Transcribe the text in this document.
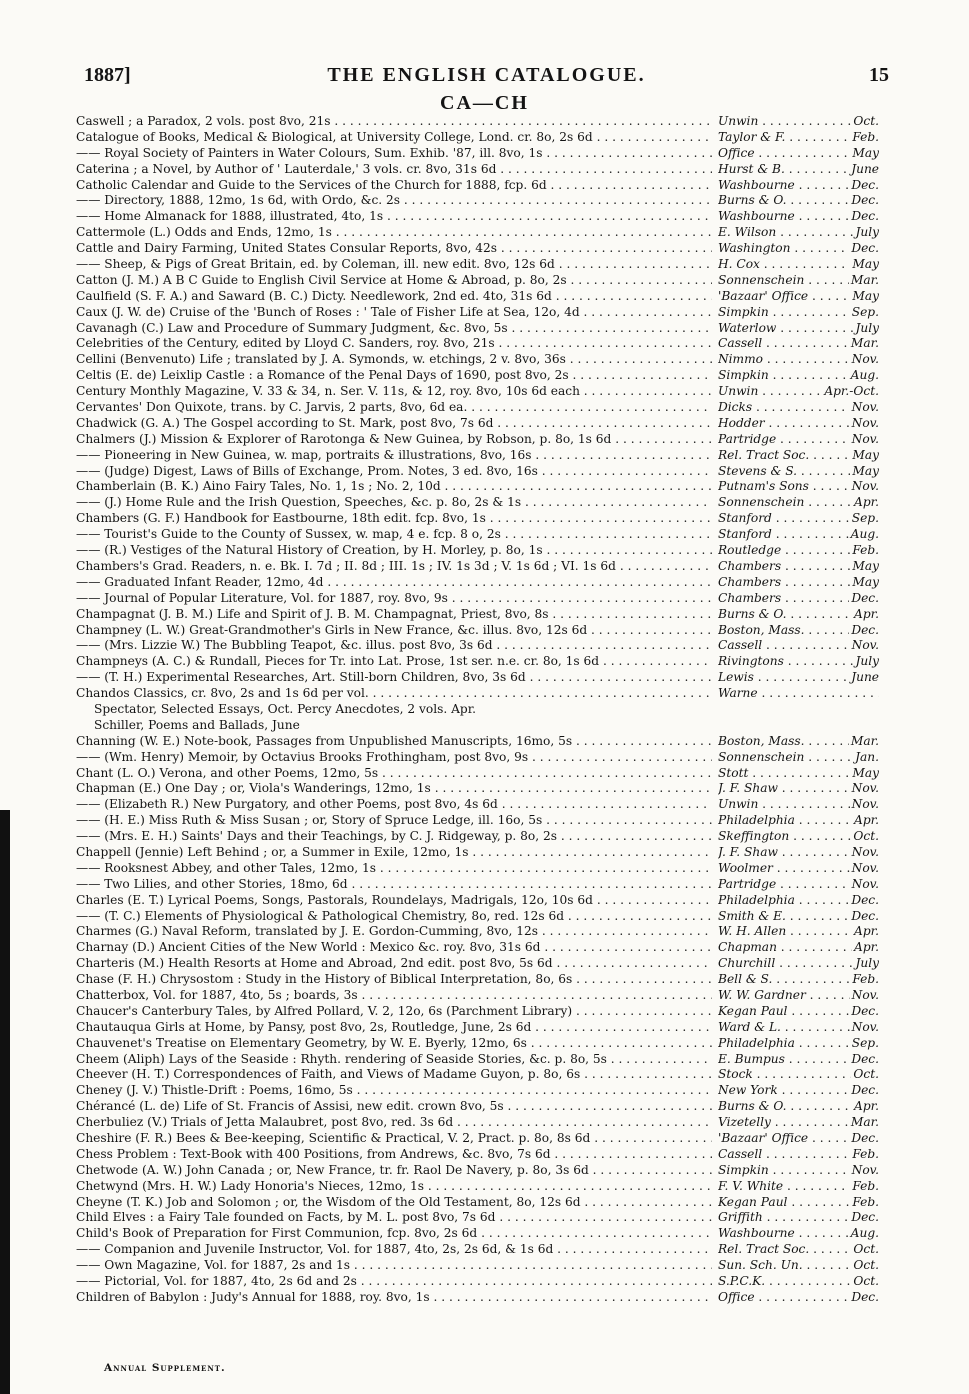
1887]	THE ENGLISH CATALOGUE.	15
CA—CH
Caswell ; a Paradox, 2 vols. post 8vo, 21s . . .	Unwin . . .	Oct.
Catalogue of Books, Medical & Biological, at University College, Lond. cr. 8o, 2s 6d . . .	Taylor & F. . . .	Feb.
—— Royal Society of Painters in Water Colours, Sum. Exhib. '87, ill. 8vo, 1s . . .	Office . . .	May
Caterina ; a Novel, by Author of ' Lauterdale,' 3 vols. cr. 8vo, 31s 6d . . .	Hurst & B. . . .	June
Catholic Calendar and Guide to the Services of the Church for 1888, fcp. 6d . . .	Washbourne . . .	Dec.
—— Directory, 1888, 12mo, 1s 6d, with Ordo, &c. 2s . . .	Burns & O. . . .	Dec.
—— Home Almanack for 1888, illustrated, 4to, 1s . . .	Washbourne . . .	Dec.
Cattermole (L.) Odds and Ends, 12mo, 1s . . .	E. Wilson . . .	July
Cattle and Dairy Farming, United States Consular Reports, 8vo, 42s . . .	Washington . . .	Dec.
—— Sheep, & Pigs of Great Britain, ed. by Coleman, ill. new edit. 8vo, 12s 6d . . .	H. Cox . . .	May
Catton (J. M.) A B C Guide to English Civil Service at Home & Abroad, p. 8o, 2s . . .	Sonnenschein . . .	Mar.
Caulfield (S. F. A.) and Saward (B. C.) Dicty. Needlework, 2nd ed. 4to, 31s 6d . . .	'Bazaar' Office . . .	May
Caux (J. W. de) Cruise of the 'Bunch of Roses : ' Tale of Fisher Life at Sea, 12o, 4d . . .	Simpkin . . .	Sep.
Cavanagh (C.) Law and Procedure of Summary Judgment, &c. 8vo, 5s . . .	Waterlow . . .	July
Celebrities of the Century, edited by Lloyd C. Sanders, roy. 8vo, 21s . . .	Cassell . . .	Mar.
Cellini (Benvenuto) Life ; translated by J. A. Symonds, w. etchings, 2 v. 8vo, 36s . . .	Nimmo . . .	Nov.
Celtis (E. de) Leixlip Castle : a Romance of the Penal Days of 1690, post 8vo, 2s . . .	Simpkin . . .	Aug.
Century Monthly Magazine, V. 33 & 34, n. Ser. V. 11s, & 12, roy. 8vo, 10s 6d each . . .	Unwin . . .	Apr.-Oct.
Cervantes' Don Quixote, trans. by C. Jarvis, 2 parts, 8vo, 6d ea. . . .	Dicks . . .	Nov.
Chadwick (G. A.) The Gospel according to St. Mark, post 8vo, 7s 6d . . .	Hodder . . .	Nov.
Chalmers (J.) Mission & Explorer of Rarotonga & New Guinea, by Robson, p. 8o, 1s 6d . . .	Partridge . . .	Nov.
—— Pioneering in New Guinea, w. map, portraits & illustrations, 8vo, 16s . . .	Rel. Tract Soc. . . .	May
—— (Judge) Digest, Laws of Bills of Exchange, Prom. Notes, 3 ed. 8vo, 16s . . .	Stevens & S. . . .	May
Chamberlain (B. K.) Aino Fairy Tales, No. 1, 1s ; No. 2, 10d . . .	Putnam's Sons . . .	Nov.
—— (J.) Home Rule and the Irish Question, Speeches, &c. p. 8o, 2s & 1s . . .	Sonnenschein . . .	Apr.
Chambers (G. F.) Handbook for Eastbourne, 18th edit. fcp. 8vo, 1s . . .	Stanford . . .	Sep.
—— Tourist's Guide to the County of Sussex, w. map, 4 e. fcp. 8 o, 2s . . .	Stanford . . .	Aug.
—— (R.) Vestiges of the Natural History of Creation, by H. Morley, p. 8o, 1s . . .	Routledge . . .	Feb.
Chambers's Grad. Readers, n. e. Bk. I. 7d ; II. 8d ; III. 1s ; IV. 1s 3d ; V. 1s 6d ; VI. 1s 6d . . .	Chambers . . .	May
—— Graduated Infant Reader, 12mo, 4d . . .	Chambers . . .	May
—— Journal of Popular Literature, Vol. for 1887, roy. 8vo, 9s . . .	Chambers . . .	Dec.
Champagnat (J. B. M.) Life and Spirit of J. B. M. Champagnat, Priest, 8vo, 8s . . .	Burns & O. . . .	Apr.
Champney (L. W.) Great-Grandmother's Girls in New France, &c. illus. 8vo, 12s 6d . . .	Boston, Mass. . . .	Dec.
—— (Mrs. Lizzie W.) The Bubbling Teapot, &c. illus. post 8vo, 3s 6d . . .	Cassell . . .	Nov.
Champneys (A. C.) & Rundall, Pieces for Tr. into Lat. Prose, 1st ser. n.e. cr. 8o, 1s 6d . . .	Rivingtons . . .	July
—— (T. H.) Experimental Researches, Art. Still-born Children, 8vo, 3s 6d . . .	Lewis . . .	June
Chandos Classics, cr. 8vo, 2s and 1s 6d per vol. . . .	Warne . . .
Spectator, Selected Essays, Oct. Percy Anecdotes, 2 vols. Apr.
Schiller, Poems and Ballads, June
Channing (W. E.) Note-book, Passages from Unpublished Manuscripts, 16mo, 5s . . .	Boston, Mass. . . .	Mar.
—— (Wm. Henry) Memoir, by Octavius Brooks Frothingham, post 8vo, 9s . . .	Sonnenschein . . .	Jan.
Chant (L. O.) Verona, and other Poems, 12mo, 5s . . .	Stott . . .	May
Chapman (E.) One Day ; or, Viola's Wanderings, 12mo, 1s . . .	J. F. Shaw . . .	Nov.
—— (Elizabeth R.) New Purgatory, and other Poems, post 8vo, 4s 6d . . .	Unwin . . .	Nov.
—— (H. E.) Miss Ruth & Miss Susan ; or, Story of Spruce Ledge, ill. 16o, 5s . . .	Philadelphia . . .	Apr.
—— (Mrs. E. H.) Saints' Days and their Teachings, by C. J. Ridgeway, p. 8o, 2s . . .	Skeffington . . .	Oct.
Chappell (Jennie) Left Behind ; or, a Summer in Exile, 12mo, 1s . . .	J. F. Shaw . . .	Nov.
—— Rooksnest Abbey, and other Tales, 12mo, 1s . . .	Woolmer . . .	Nov.
—— Two Lilies, and other Stories, 18mo, 6d . . .	Partridge . . .	Nov.
Charles (E. T.) Lyrical Poems, Songs, Pastorals, Roundelays, Madrigals, 12o, 10s 6d . . .	Philadelphia . . .	Dec.
—— (T. C.) Elements of Physiological & Pathological Chemistry, 8o, red. 12s 6d . . .	Smith & E. . . .	Dec.
Charmes (G.) Naval Reform, translated by J. E. Gordon-Cumming, 8vo, 12s . . .	W. H. Allen . . .	Apr.
Charnay (D.) Ancient Cities of the New World : Mexico &c. roy. 8vo, 31s 6d . . .	Chapman . . .	Apr.
Charteris (M.) Health Resorts at Home and Abroad, 2nd edit. post 8vo, 5s 6d . . .	Churchill . . .	July
Chase (F. H.) Chrysostom : Study in the History of Biblical Interpretation, 8o, 6s . . .	Bell & S. . . .	Feb.
Chatterbox, Vol. for 1887, 4to, 5s ; boards, 3s . . .	W. W. Gardner . . .	Nov.
Chaucer's Canterbury Tales, by Alfred Pollard, V. 2, 12o, 6s (Parchment Library) . . .	Kegan Paul . . .	Dec.
Chautauqua Girls at Home, by Pansy, post 8vo, 2s, Routledge, June, 2s 6d . . .	Ward & L. . . .	Nov.
Chauvenet's Treatise on Elementary Geometry, by W. E. Byerly, 12mo, 6s . . .	Philadelphia . . .	Sep.
Cheem (Aliph) Lays of the Seaside : Rhyth. rendering of Seaside Stories, &c. p. 8o, 5s . . .	E. Bumpus . . .	Dec.
Cheever (H. T.) Correspondences of Faith, and Views of Madame Guyon, p. 8o, 6s . . .	Stock . . .	Oct.
Cheney (J. V.) Thistle-Drift : Poems, 16mo, 5s . . .	New York . . .	Dec.
Chérancé (L. de) Life of St. Francis of Assisi, new edit. crown 8vo, 5s . . .	Burns & O. . . .	Apr.
Cherbuliez (V.) Trials of Jetta Malaubret, post 8vo, red. 3s 6d . . .	Vizetelly . . .	Mar.
Cheshire (F. R.) Bees & Bee-keeping, Scientific & Practical, V. 2, Pract. p. 8o, 8s 6d . . .	'Bazaar' Office . . .	Dec.
Chess Problem : Text-Book with 400 Positions, from Andrews, &c. 8vo, 7s 6d . . .	Cassell . . .	Feb.
Chetwode (A. W.) John Canada ; or, New France, tr. fr. Raol De Navery, p. 8o, 3s 6d . . .	Simpkin . . .	Nov.
Chetwynd (Mrs. H. W.) Lady Honoria's Nieces, 12mo, 1s . . .	F. V. White . . .	Feb.
Cheyne (T. K.) Job and Solomon ; or, the Wisdom of the Old Testament, 8o, 12s 6d . . .	Kegan Paul . . .	Feb.
Child Elves : a Fairy Tale founded on Facts, by M. L. post 8vo, 7s 6d . . .	Griffith . . .	Dec.
Child's Book of Preparation for First Communion, fcp. 8vo, 2s 6d . . .	Washbourne . . .	Aug.
—— Companion and Juvenile Instructor, Vol. for 1887, 4to, 2s, 2s 6d, & 1s 6d . . .	Rel. Tract Soc. . . .	Oct.
—— Own Magazine, Vol. for 1887, 2s and 1s . . .	Sun. Sch. Un. . . .	Oct.
—— Pictorial, Vol. for 1887, 4to, 2s 6d and 2s . . .	S.P.C.K. . . .	Oct.
Children of Babylon : Judy's Annual for 1888, roy. 8vo, 1s . . .	Office . . .	Dec.
Annual Supplement.
